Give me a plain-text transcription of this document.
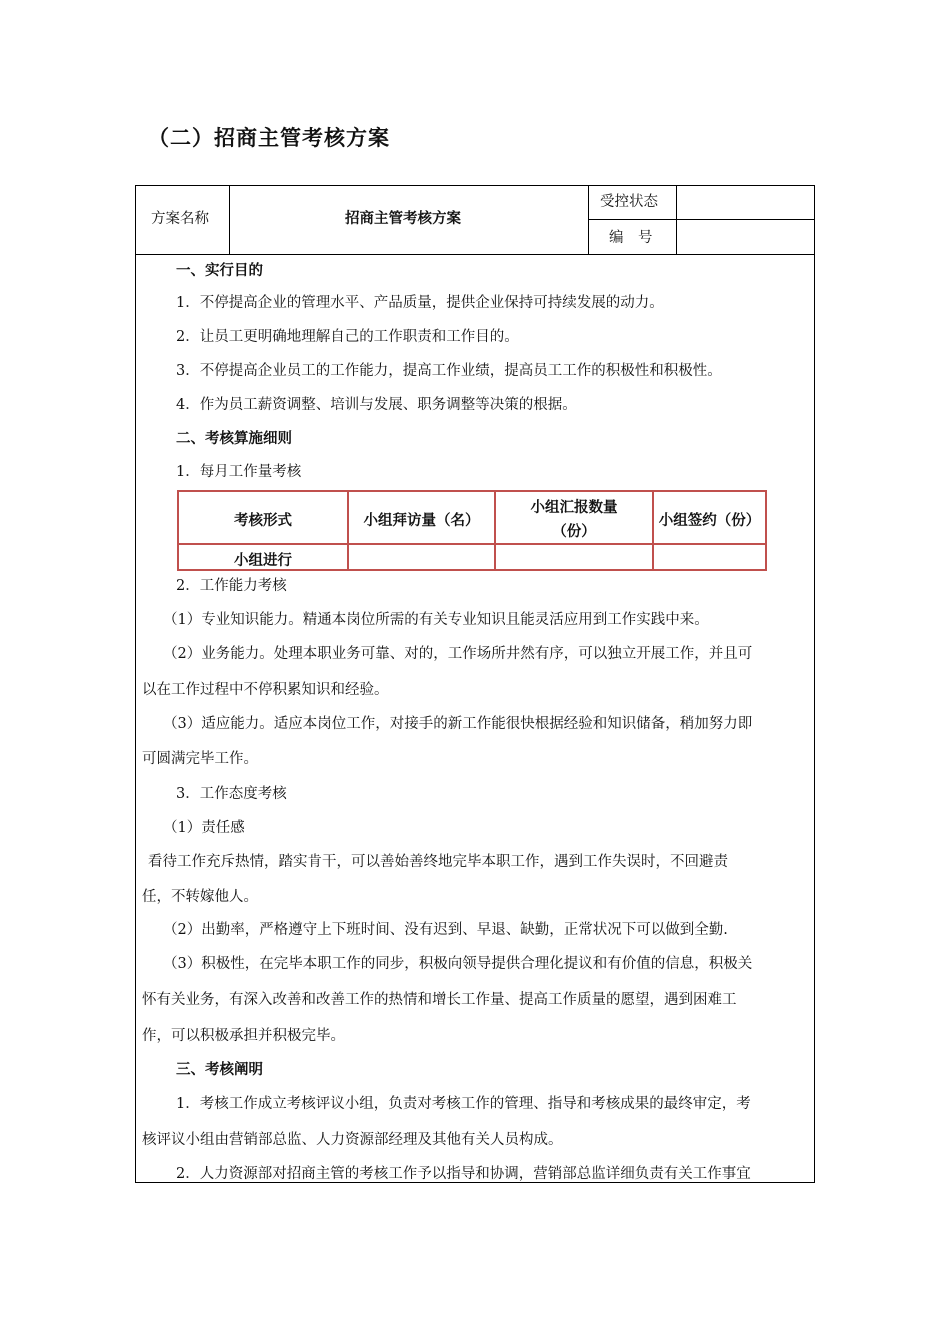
（二）招商主管考核方案
方案名称	招商主管考核方案
受控状态
编　号
一、实行目的
1．不停提高企业的管理水平、产品质量，提供企业保持可持续发展的动力。
2．让员工更明确地理解自己的工作职责和工作目的。
3．不停提高企业员工的工作能力，提高工作业绩，提高员工工作的积极性和积极性。
4．作为员工薪资调整、培训与发展、职务调整等决策的根据。
二、考核算施细则
1．每月工作量考核
考核形式	小组拜访量（名）
小组汇报数量
（份）
小组签约（份）
小组进行
2．工作能力考核
（1）专业知识能力。精通本岗位所需的有关专业知识且能灵活应用到工作实践中来。
（2）业务能力。处理本职业务可靠、对的，工作场所井然有序，可以独立开展工作，并且可
以在工作过程中不停积累知识和经验。
（3）适应能力。适应本岗位工作，对接手的新工作能很快根据经验和知识储备，稍加努力即
可圆满完毕工作。
3．工作态度考核
（1）责任感
看待工作充斥热情，踏实肯干，可以善始善终地完毕本职工作，遇到工作失误时，不回避责
任，不转嫁他人。
（2）出勤率，严格遵守上下班时间、没有迟到、早退、缺勤，正常状况下可以做到全勤.
（3）积极性，在完毕本职工作的同步，积极向领导提供合理化提议和有价值的信息，积极关
怀有关业务，有深入改善和改善工作的热情和增长工作量、提高工作质量的愿望，遇到困难工
作，可以积极承担并积极完毕。
三、考核阐明
1．考核工作成立考核评议小组，负责对考核工作的管理、指导和考核成果的最终审定，考
核评议小组由营销部总监、人力资源部经理及其他有关人员构成。
2．人力资源部对招商主管的考核工作予以指导和协调，营销部总监详细负责有关工作事宜
